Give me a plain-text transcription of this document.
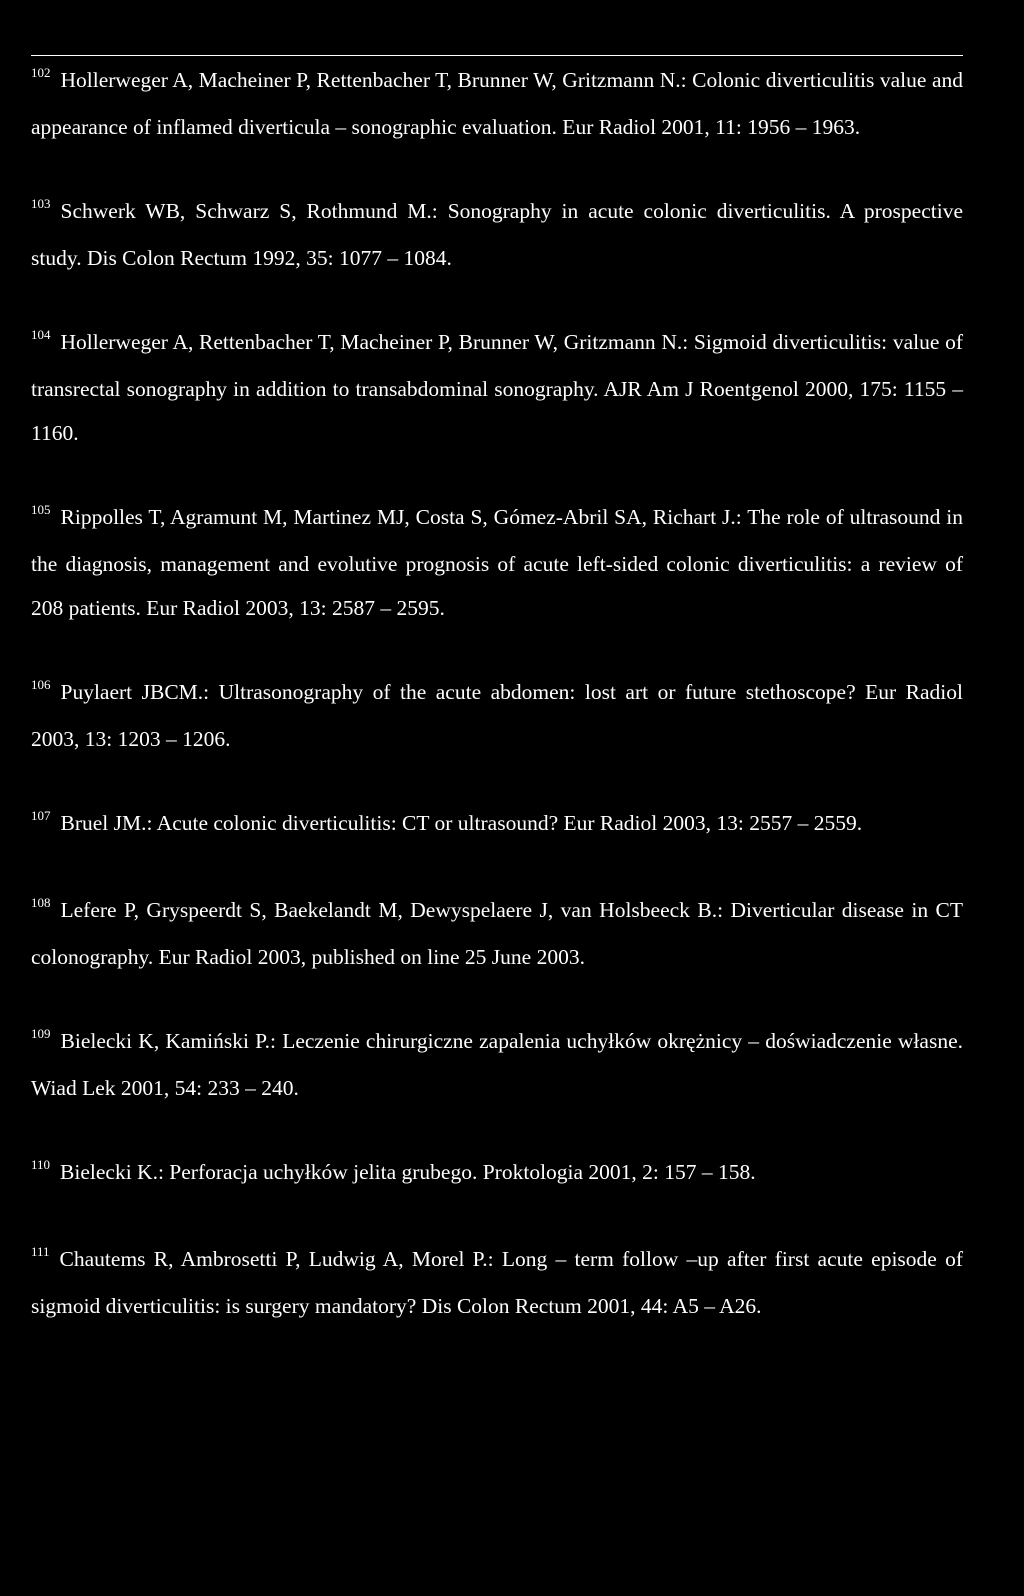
$^{102}$ Hollerweger A, Macheiner P, Rettenbacher T, Brunner W, Gritzmann N.: Colonic diverticulitis value and appearance of inflamed diverticula – sonographic evaluation. Eur Radiol 2001, 11: 1956 – 1963.

$^{103}$ Schwerk WB, Schwarz S, Rothmund M.: Sonography in acute colonic diverticulitis. A prospective study. Dis Colon Rectum 1992, 35: 1077 – 1084.

$^{104}$ Hollerweger A, Rettenbacher T, Macheiner P, Brunner W, Gritzmann N.: Sigmoid diverticulitis: value of transrectal sonography in addition to transabdominal sonography. AJR Am J Roentgenol 2000, 175: 1155 – 1160.

$^{105}$ Rippolles T, Agramunt M, Martinez MJ, Costa S, Gómez-Abril SA, Richart J.: The role of ultrasound in the diagnosis, management and evolutive prognosis of acute left-sided colonic diverticulitis: a review of 208 patients. Eur Radiol 2003, 13: 2587 – 2595.

$^{106}$ Puylaert JBCM.: Ultrasonography of the acute abdomen: lost art or future stethoscope? Eur Radiol 2003, 13: 1203 – 1206.

$^{107}$ Bruel JM.: Acute colonic diverticulitis: CT or ultrasound? Eur Radiol 2003, 13: 2557 – 2559.

$^{108}$ Lefere P, Gryspeerdt S, Baekelandt M, Dewyspelaere J, van Holsbeeck B.: Diverticular disease in CT colonography. Eur Radiol 2003, published on line 25 June 2003.

$^{109}$ Bielecki K, Kamiński P.: Leczenie chirurgiczne zapalenia uchyłków okrężnicy – doświadczenie własne. Wiad Lek 2001, 54: 233 – 240.

$^{110}$ Bielecki K.: Perforacja uchyłków jelita grubego. Proktologia 2001, 2: 157 – 158.

$^{111}$ Chautems R, Ambrosetti P, Ludwig A, Morel P.: Long – term follow –up after first acute episode of sigmoid diverticulitis: is surgery mandatory? Dis Colon Rectum 2001, 44: A5 – A26.
